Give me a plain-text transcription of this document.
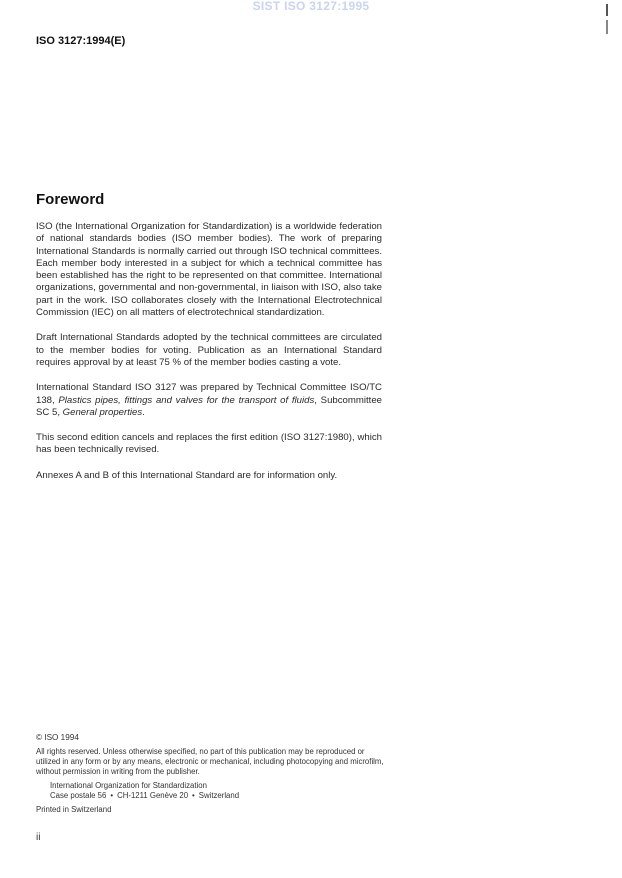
SIST ISO 3127:1995
ISO 3127:1994(E)
Foreword

ISO (the International Organization for Standardization) is a worldwide federation of national standards bodies (ISO member bodies). The work of preparing International Standards is normally carried out through ISO technical committees. Each member body interested in a subject for which a technical committee has been established has the right to be represented on that committee. International organizations, governmental and non-governmental, in liaison with ISO, also take part in the work. ISO collaborates closely with the International Electrotechnical Commission (IEC) on all matters of electrotechnical standardization.

Draft International Standards adopted by the technical committees are circulated to the member bodies for voting. Publication as an International Standard requires approval by at least 75 % of the member bodies casting a vote.

International Standard ISO 3127 was prepared by Technical Committee ISO/TC 138, Plastics pipes, fittings and valves for the transport of fluids, Subcommittee SC 5, General properties.

This second edition cancels and replaces the first edition (ISO 3127:1980), which has been technically revised.

Annexes A and B of this International Standard are for information only.

© ISO 1994
All rights reserved. Unless otherwise specified, no part of this publication may be reproduced or utilized in any form or by any means, electronic or mechanical, including photocopying and microfilm, without permission in writing from the publisher.
International Organization for Standardization
Case postale 56 • CH-1211 Genève 20 • Switzerland
Printed in Switzerland
ii
